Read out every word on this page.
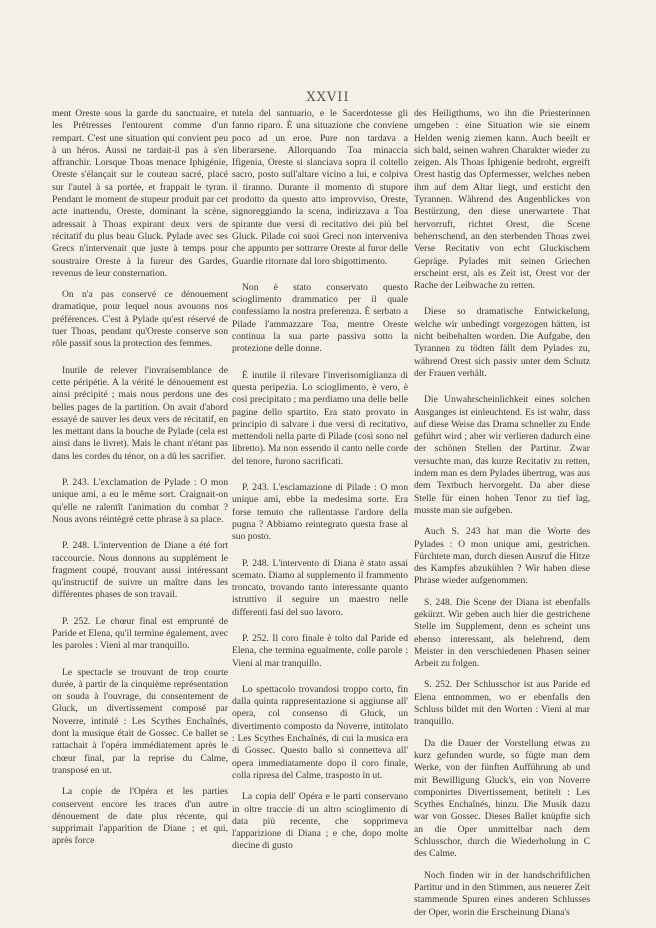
XXVII

ment Oreste sous la garde du sanctuaire, et les Prêtresses l'entourent comme d'un rempart. C'est une situation qui convient peu à un héros. Aussi ne tardait-il pas à s'en affranchir. Lorsque Thoas menace Iphigénie, Oreste s'élançait sur le couteau sacré, placé sur l'autel à sa portée, et frappait le tyran. Pendant le moment de stupeur produit par cet acte inattendu, Oreste, dominant la scène, adressait à Thoas expirant deux vers de récitatif du plus beau Gluck. Pylade avec ses Grecs n'intervenait que juste à temps pour soustraire Oreste à la fureur des Gardes, revenus de leur consternation.

On n'a pas conservé ce dénouement dramatique, pour lequel nous avouons nos préférences. C'est à Pylade qu'est réservé de tuer Thoas, pendant qu'Oreste conserve son rôle passif sous la protection des femmes.

Inutile de relever l'invraisemblance de cette péripétie. A la vérité le dénouement est ainsi précipité ; mais nous perdons une des belles pages de la partition. On avait d'abord essayé de sauver les deux vers de récitatif, en les mettant dans la bouche de Pylade (cela est ainsi dans le livret). Mais le chant n'étant pas dans les cordes du ténor, on a dû les sacrifier.

P. 243. L'exclamation de Pylade : O mon unique ami, a eu le même sort. Craignait-on qu'elle ne ralentît l'animation du combat ? Nous avons réintégré cette phrase à sa place.

P. 248. L'intervention de Diane a été fort raccourcie. Nous donnons au supplément le fragment coupé, trouvant aussi intéressant qu'instructif de suivre un maître dans les différentes phases de son travail.

P. 252. Le chœur final est emprunté de Paride et Elena, qu'il termine également, avec les paroles : Vieni al mar tranquillo.

Le spectacle se trouvant de trop courte durée, à partir de la cinquième représentation on souda à l'ouvrage, du consentement de Gluck, un divertissement composé par Noverre, intitulé : Les Scythes Enchaînés, dont la musique était de Gossec. Ce ballet se rattachait à l'opéra immédiatement après le chœur final, par la reprise du Calme, transposé en ut.

La copie de l'Opéra et les parties conservent encore les traces d'un autre dénouement de date plus récente, qui supprimait l'apparition de Diane ; et qui, après force

tutela del santuario, e le Sacerdotesse gli fanno riparo. È una situazione che conviene poco ad un eroe. Pure non tardava a liberarsene. Allorquando Toa minaccia Ifigenia, Oreste si slanciava sopra il coltello sacro, posto sull'altare vicino a lui, e colpiva il tiranno. Durante il momento di stupore prodotto da questo atto improvviso, Oreste, signoreggiando la scena, indirizzava a Toa spirante due versi di recitativo dei più bel Gluck. Pilade coi suoi Greci non interveniva che appunto per sottrarre Oreste al furor delle Guardie ritornate dal loro sbigottimento.

Non è stato conservato questo scioglimento drammatico per il quale confessiamo la nostra preferenza. È serbato a Pilade l'ammazzare Toa, mentre Oreste continua la sua parte passiva sotto la protezione delle donne.

È inutile il rilevare l'inverisomiglianza di questa peripezia. Lo scioglimento, è vero, è così precipitato ; ma perdiamo una delle belle pagine dello spartito. Era stato provato in principio di salvare i due versi di recitativo, mettendoli nella parte di Pilade (così sono nel libretto). Ma non essendo il canto nelle corde del tenore, furono sacrificati.

P. 243. L'esclamazione di Pilade : O mon unique ami, ebbe la medesima sorte. Era forse temuto che rallentasse l'ardore della pugna ? Abbiamo reintegrato questa frase al suo posto.

P. 248. L'intervento di Diana è stato assai scemato. Diamo al supplemento il frammento troncato, trovando tanto interessante quanto istruttivo il seguire un maestro nelle differenti fasi del suo lavoro.

P. 252. Il coro finale è tolto dal Paride ed Elena, che termina egualmente, colle parole : Vieni al mar tranquillo.

Lo spettacolo trovandosi troppo corto, fin dalla quinta rappresentazione si aggiunse all' opera, col consenso di Gluck, un divertimento composto da Noverre, intitolato : Les Scythes Enchaînés, di cui la musica era di Gossec. Questo ballo si connetteva all' opera immediatamente dopo il coro finale, colla ripresa del Calme, trasposto in ut.

La copia dell' Opéra e le parti conservano in oltre traccie di un altro scioglimento di data più recente, che sopprimeva l'apparizione di Diana ; e che, dopo molte diecine di gusto

des Heiligthums, wo ihn die Priesterinnen umgeben : eine Situation wie sie einem Helden wenig ziemen kann. Auch beeilt er sich bald, seinen wahren Charakter wieder zu zeigen. Als Thoas Iphigenie bedroht, ergreift Orest hastig das Opfermesser, welches neben ihm auf dem Altar liegt, und ersticht den Tyrannen. Während des Augenblickes von Bestürzung, den diese unerwartete That hervorruft, richtet Orest, die Scene beherrschend, an den sterbenden Thoas zwei Verse Recitativ von echt Gluckischem Gepräge. Pylades mit seinen Griechen erscheint erst, als es Zeit ist, Orest vor der Rache der Leibwache zu retten.

Diese so dramatische Entwickelung, welche wir unbedingt vorgezogen hätten, ist nicht beibehalten worden. Die Aufgabe, den Tyrannen zu tödten fällt dem Pylades zu, während Orest sich passiv unter dem Schutz der Frauen verhält.

Die Unwahrscheinlichkeit eines solchen Ausganges ist einleuchtend. Es ist wahr, dass auf diese Weise das Drama schneller zu Ende geführt wird ; aber wir verlieren dadurch eine der schönen Stellen der Partitur. Zwar versuchte man, das kurze Recitativ zu retten, indem man es dem Pylades übertrug, was aus dem Textbuch hervorgeht. Da aber diese Stelle für einen hohen Tenor zu tief lag, musste man sie aufgeben.

Auch S. 243 hat man die Worte des Pylades : O mon unique ami, gestrichen. Fürchtete man, durch diesen Ausruf die Hitze des Kampfes abzukühlen ? Wir haben diese Phrase wieder aufgenommen.

S. 248. Die Scene der Diana ist ebenfalls gekürzt. Wir geben auch hier die gestrichene Stelle im Supplement, denn es scheint uns ebenso interessant, als belehrend, dem Meister in den verschiedenen Phasen seiner Arbeit zu folgen.

S. 252. Der Schlusschor ist aus Paride ed Elena entnommen, wo er ebenfalls den Schluss bildet mit den Worten : Vieni al mar tranquillo.

Da die Dauer der Vorstellung etwas zu kurz gefunden wurde, so fügte man dem Werke, von der fünften Aufführung ab und mit Bewilligung Gluck's, ein von Noverre componirtes Divertissement, betitelt : Les Scythes Enchaînés, hinzu. Die Musik dazu war von Gossec. Dieses Ballet knüpfte sich an die Oper unmittelbar nach dem Schlusschor, durch die Wiederholung in C des Calme.

Noch finden wir in der handschriftlichen Partitur und in den Stimmen, aus neuerer Zeit stammende Spuren eines anderen Schlusses der Oper, worin die Erscheinung Diana's
